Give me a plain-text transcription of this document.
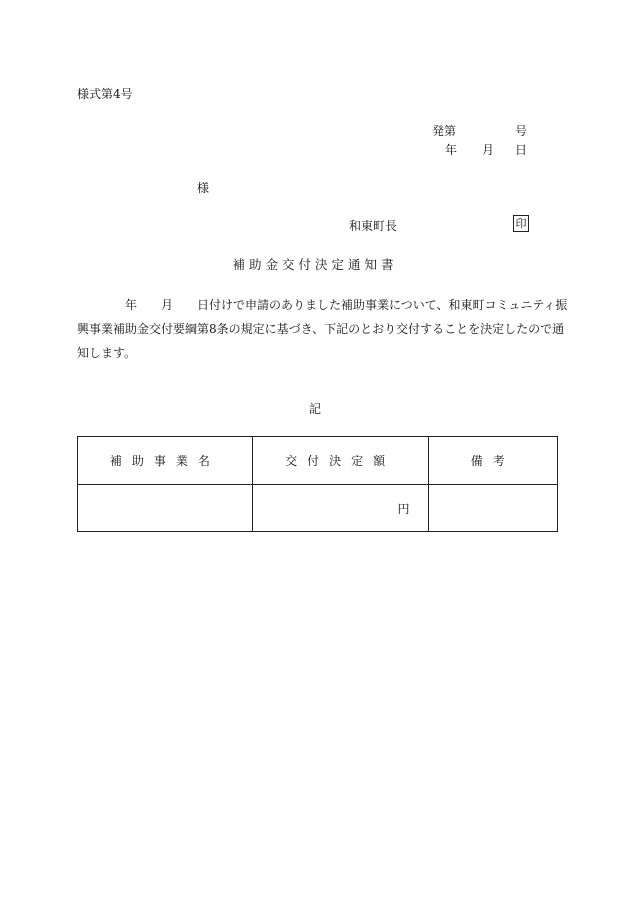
様式第4号
発第	号
年 月 日
様
和東町長	印
補助金交付決定通知書
年 月 日付けで申請のありました補助事業について、和東町コミュニティ振
興事業補助金交付要綱第8条の規定に基づき、下記のとおり交付することを決定したので通
知します。
記
補助事業名	交付決定額	備考
	円	
